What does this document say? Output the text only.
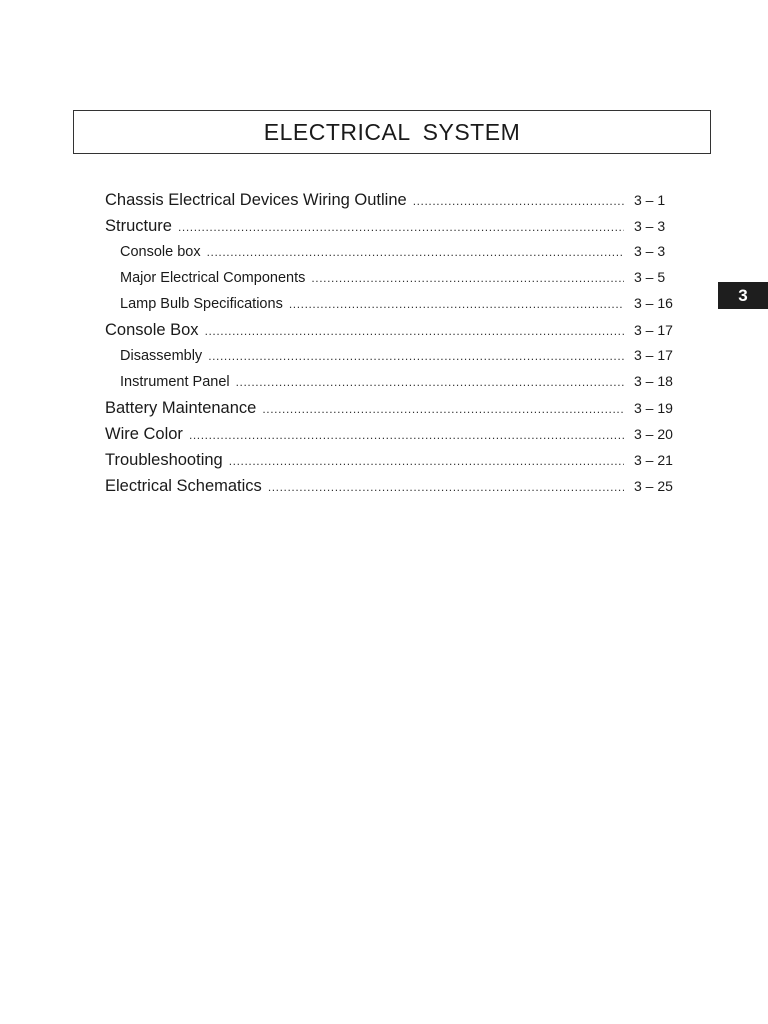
ELECTRICAL SYSTEM
Chassis Electrical Devices Wiring Outline .....	3 – 1
Structure .....	3 – 3
Console box .....	3 – 3
Major Electrical Components .....	3 – 5
Lamp Bulb Specifications .....	3 – 16
Console Box .....	3 – 17
Disassembly .....	3 – 17
Instrument Panel .....	3 – 18
Battery Maintenance .....	3 – 19
Wire Color .....	3 – 20
Troubleshooting .....	3 – 21
Electrical Schematics .....	3 – 25
3
